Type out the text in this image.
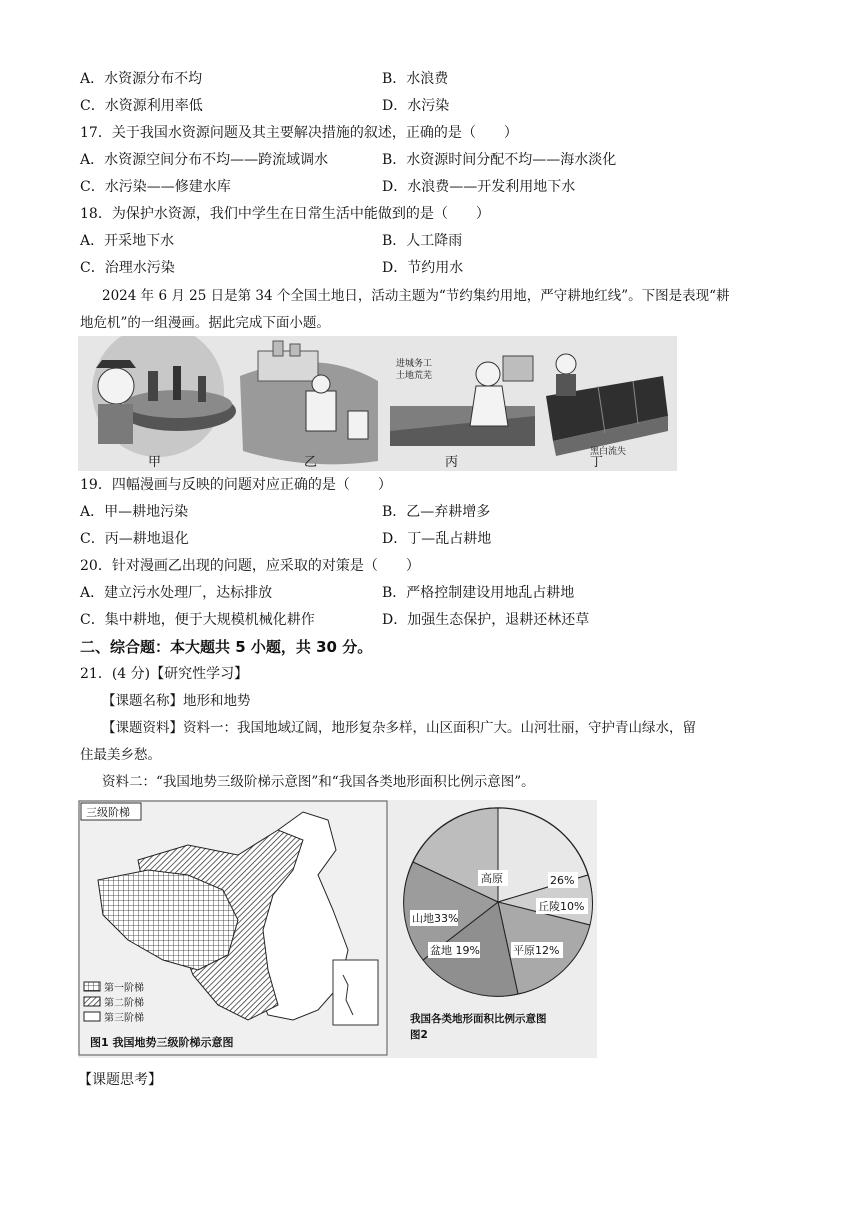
A．水资源分布不均	B．水浪费
C．水资源利用率低	D．水污染
17．关于我国水资源问题及其主要解决措施的叙述，正确的是（　　）
A．水资源空间分布不均——跨流域调水	B．水资源时间分配不均——海水淡化
C．水污染——修建水库	D．水浪费——开发利用地下水
18．为保护水资源，我们中学生在日常生活中能做到的是（　　）
A．开采地下水	B．人工降雨
C．治理水污染	D．节约用水
2024 年 6 月 25 日是第 34 个全国土地日，活动主题为“节约集约用地，严守耕地红线”。下图是表现“耕
地危机”的一组漫画。据此完成下面小题。
进城务工
土地荒芜
黑白流失
甲	乙	丙	丁
19．四幅漫画与反映的问题对应正确的是（　　）
A．甲—耕地污染	B．乙—弃耕增多
C．丙—耕地退化	D．丁—乱占耕地
20．针对漫画乙出现的问题，应采取的对策是（　　）
A．建立污水处理厂，达标排放	B．严格控制建设用地乱占耕地
C．集中耕地，便于大规模机械化耕作	D．加强生态保护，退耕还林还草
二、综合题：本大题共 5 小题，共 30 分。
21．(4 分)【研究性学习】
【课题名称】地形和地势
【课题资料】资料一：我国地域辽阔，地形复杂多样，山区面积广大。山河壮丽，守护青山绿水，留
住最美乡愁。
资料二：“我国地势三级阶梯示意图”和“我国各类地形面积比例示意图”。
三级阶梯
第一阶梯
第二阶梯
第三阶梯
图1 我国地势三级阶梯示意图
山地33%
高原	26%
丘陵10%
盆地 19%	平原12%
我国各类地形面积比例示意图
图2
【课题思考】
